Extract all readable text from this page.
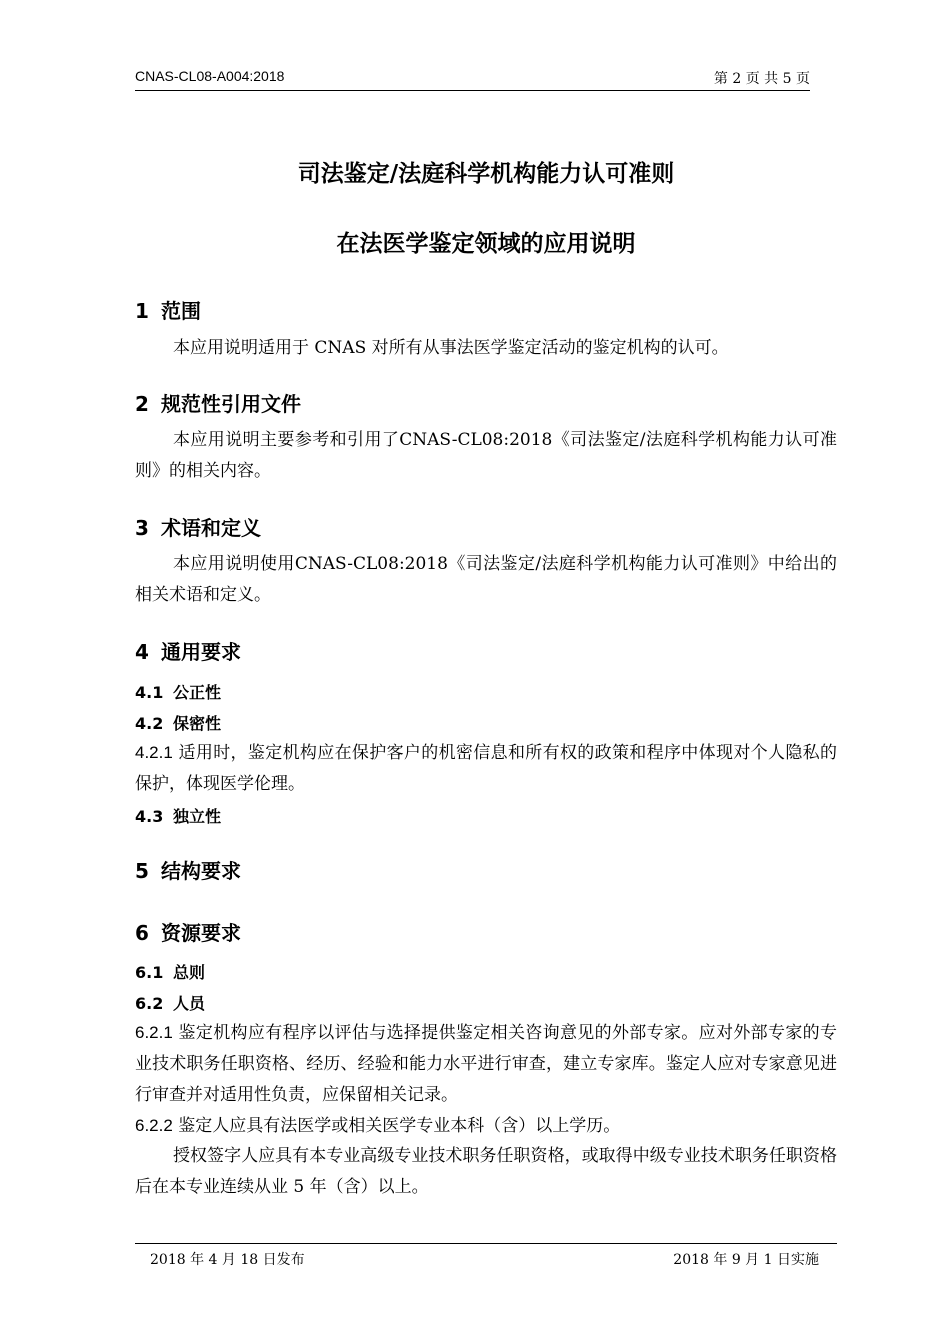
CNAS-CL08-A004:2018	第 2 页 共 5 页
司法鉴定/法庭科学机构能力认可准则
在法医学鉴定领域的应用说明
1 范围
本应用说明适用于 CNAS 对所有从事法医学鉴定活动的鉴定机构的认可。
2 规范性引用文件
本应用说明主要参考和引用了CNAS-CL08:2018《司法鉴定/法庭科学机构能力认可准则》的相关内容。
3 术语和定义
本应用说明使用CNAS-CL08:2018《司法鉴定/法庭科学机构能力认可准则》中给出的相关术语和定义。
4 通用要求
4.1 公正性
4.2 保密性
4.2.1 适用时，鉴定机构应在保护客户的机密信息和所有权的政策和程序中体现对个人隐私的保护，体现医学伦理。
4.3 独立性
5 结构要求
6 资源要求
6.1 总则
6.2 人员
6.2.1 鉴定机构应有程序以评估与选择提供鉴定相关咨询意见的外部专家。应对外部专家的专业技术职务任职资格、经历、经验和能力水平进行审查，建立专家库。鉴定人应对专家意见进行审查并对适用性负责，应保留相关记录。
6.2.2 鉴定人应具有法医学或相关医学专业本科（含）以上学历。
授权签字人应具有本专业高级专业技术职务任职资格，或取得中级专业技术职务任职资格后在本专业连续从业 5 年（含）以上。
2018 年 4 月 18 日发布	2018 年 9 月 1 日实施
